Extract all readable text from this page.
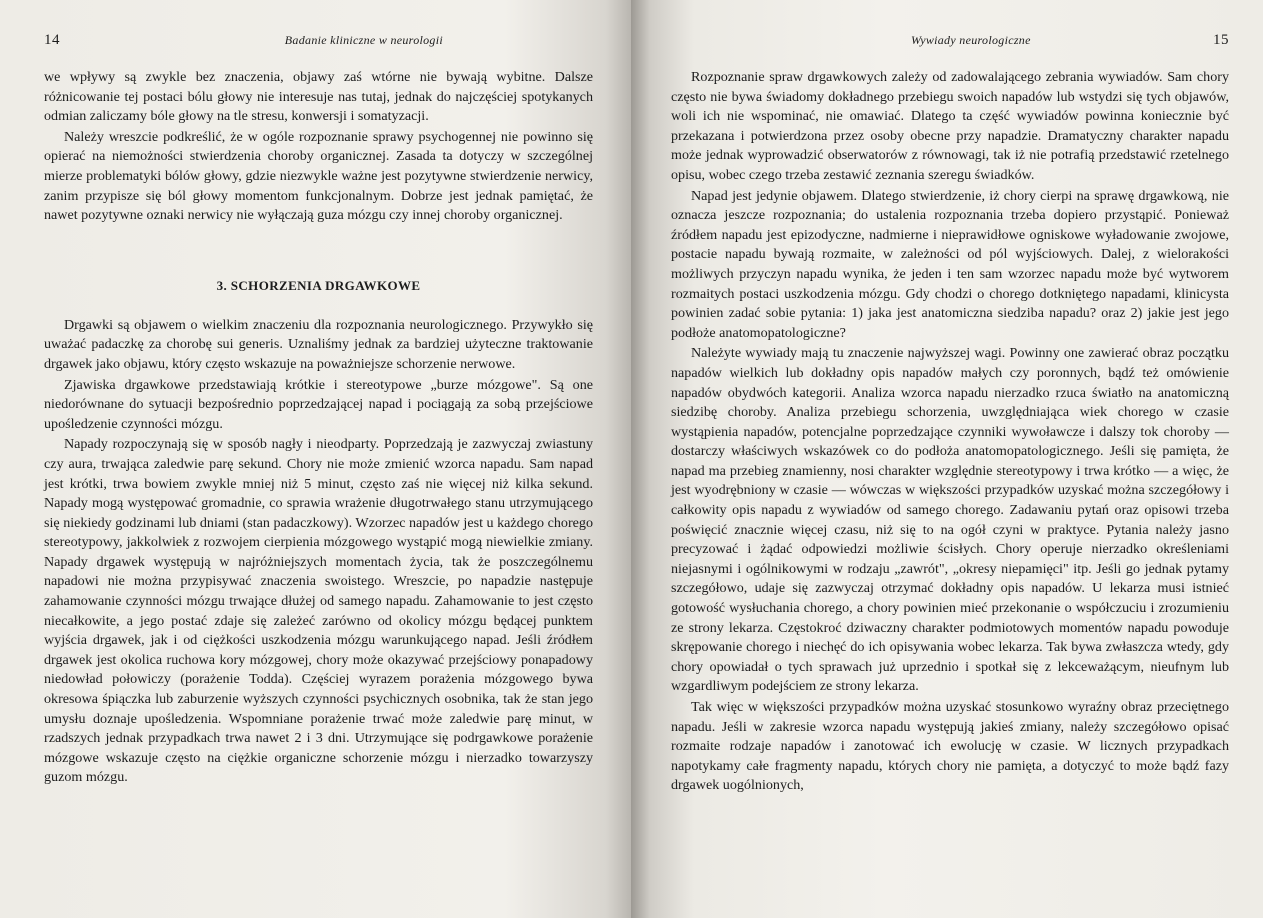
14	Badanie kliniczne w neurologii

we wpływy są zwykle bez znaczenia, objawy zaś wtórne nie bywają wybitne. Dalsze różnicowanie tej postaci bólu głowy nie interesuje nas tutaj, jednak do najczęściej spotykanych odmian zaliczamy bóle głowy na tle stresu, konwersji i somatyzacji.

Należy wreszcie podkreślić, że w ogóle rozpoznanie sprawy psychogennej nie powinno się opierać na niemożności stwierdzenia choroby organicznej. Zasada ta dotyczy w szczególnej mierze problematyki bólów głowy, gdzie niezwykle ważne jest pozytywne stwierdzenie nerwicy, zanim przypisze się ból głowy momentom funkcjonalnym. Dobrze jest jednak pamiętać, że nawet pozytywne oznaki nerwicy nie wyłączają guza mózgu czy innej choroby organicznej.

3. SCHORZENIA DRGAWKOWE

Drgawki są objawem o wielkim znaczeniu dla rozpoznania neurologicznego. Przywykło się uważać padaczkę za chorobę sui generis. Uznaliśmy jednak za bardziej użyteczne traktowanie drgawek jako objawu, który często wskazuje na poważniejsze schorzenie nerwowe.

Zjawiska drgawkowe przedstawiają krótkie i stereotypowe „burze mózgowe". Są one niedorównane do sytuacji bezpośrednio poprzedzającej napad i pociągają za sobą przejściowe upośledzenie czynności mózgu.

Napady rozpoczynają się w sposób nagły i nieodparty. Poprzedzają je zazwyczaj zwiastuny czy aura, trwająca zaledwie parę sekund. Chory nie może zmienić wzorca napadu. Sam napad jest krótki, trwa bowiem zwykle mniej niż 5 minut, często zaś nie więcej niż kilka sekund. Napady mogą występować gromadnie, co sprawia wrażenie długotrwałego stanu utrzymującego się niekiedy godzinami lub dniami (stan padaczkowy). Wzorzec napadów jest u każdego chorego stereotypowy, jakkolwiek z rozwojem cierpienia mózgowego wystąpić mogą niewielkie zmiany. Napady drgawek występują w najróżniejszych momentach życia, tak że poszczególnemu napadowi nie można przypisywać znaczenia swoistego. Wreszcie, po napadzie następuje zahamowanie czynności mózgu trwające dłużej od samego napadu. Zahamowanie to jest często niecałkowite, a jego postać zdaje się zależeć zarówno od okolicy mózgu będącej punktem wyjścia drgawek, jak i od ciężkości uszkodzenia mózgu warunkującego napad. Jeśli źródłem drgawek jest okolica ruchowa kory mózgowej, chory może okazywać przejściowy ponapadowy niedowład połowiczy (porażenie Todda). Częściej wyrazem porażenia mózgowego bywa okresowa śpiączka lub zaburzenie wyższych czynności psychicznych osobnika, tak że stan jego umysłu doznaje upośledzenia. Wspomniane porażenie trwać może zaledwie parę minut, w rzadszych jednak przypadkach trwa nawet 2 i 3 dni. Utrzymujące się podrgawkowe porażenie mózgowe wskazuje często na ciężkie organiczne schorzenie mózgu i nierzadko towarzyszy guzom mózgu.

Wywiady neurologiczne	15

Rozpoznanie spraw drgawkowych zależy od zadowalającego zebrania wywiadów. Sam chory często nie bywa świadomy dokładnego przebiegu swoich napadów lub wstydzi się tych objawów, woli ich nie wspominać, nie omawiać. Dlatego ta część wywiadów powinna koniecznie być przekazana i potwierdzona przez osoby obecne przy napadzie. Dramatyczny charakter napadu może jednak wyprowadzić obserwatorów z równowagi, tak iż nie potrafią przedstawić rzetelnego opisu, wobec czego trzeba zestawić zeznania szeregu świadków.

Napad jest jedynie objawem. Dlatego stwierdzenie, iż chory cierpi na sprawę drgawkową, nie oznacza jeszcze rozpoznania; do ustalenia rozpoznania trzeba dopiero przystąpić. Ponieważ źródłem napadu jest epizodyczne, nadmierne i nieprawidłowe ogniskowe wyładowanie zwojowe, postacie napadu bywają rozmaite, w zależności od pól wyjściowych. Dalej, z wielorakości możliwych przyczyn napadu wynika, że jeden i ten sam wzorzec napadu może być wytworem rozmaitych postaci uszkodzenia mózgu. Gdy chodzi o chorego dotkniętego napadami, klinicysta powinien zadać sobie pytania: 1) jaka jest anatomiczna siedziba napadu? oraz 2) jakie jest jego podłoże anatomopatologiczne?

Należyte wywiady mają tu znaczenie najwyższej wagi. Powinny one zawierać obraz początku napadów wielkich lub dokładny opis napadów małych czy poronnych, bądź też omówienie napadów obydwóch kategorii. Analiza wzorca napadu nierzadko rzuca światło na anatomiczną siedzibę choroby. Analiza przebiegu schorzenia, uwzględniająca wiek chorego w czasie wystąpienia napadów, potencjalne poprzedzające czynniki wywoławcze i dalszy tok choroby — dostarczy właściwych wskazówek co do podłoża anatomopatologicznego. Jeśli się pamięta, że napad ma przebieg znamienny, nosi charakter względnie stereotypowy i trwa krótko — a więc, że jest wyodrębniony w czasie — wówczas w większości przypadków uzyskać można szczegółowy i całkowity opis napadu z wywiadów od samego chorego. Zadawaniu pytań oraz opisowi trzeba poświęcić znacznie więcej czasu, niż się to na ogół czyni w praktyce. Pytania należy jasno precyzować i żądać odpowiedzi możliwie ścisłych. Chory operuje nierzadko określeniami niejasnymi i ogólnikowymi w rodzaju „zawrót", „okresy niepamięci" itp. Jeśli go jednak pytamy szczegółowo, udaje się zazwyczaj otrzymać dokładny opis napadów. U lekarza musi istnieć gotowość wysłuchania chorego, a chory powinien mieć przekonanie o współczuciu i zrozumieniu ze strony lekarza. Częstokroć dziwaczny charakter podmiotowych momentów napadu powoduje skrępowanie chorego i niechęć do ich opisywania wobec lekarza. Tak bywa zwłaszcza wtedy, gdy chory opowiadał o tych sprawach już uprzednio i spotkał się z lekceważącym, nieufnym lub wzgardliwym podejściem ze strony lekarza.

Tak więc w większości przypadków można uzyskać stosunkowo wyraźny obraz przeciętnego napadu. Jeśli w zakresie wzorca napadu występują jakieś zmiany, należy szczegółowo opisać rozmaite rodzaje napadów i zanotować ich ewolucję w czasie. W licznych przypadkach napotykamy całe fragmenty napadu, których chory nie pamięta, a dotyczyć to może bądź fazy drgawek uogólnionych,
